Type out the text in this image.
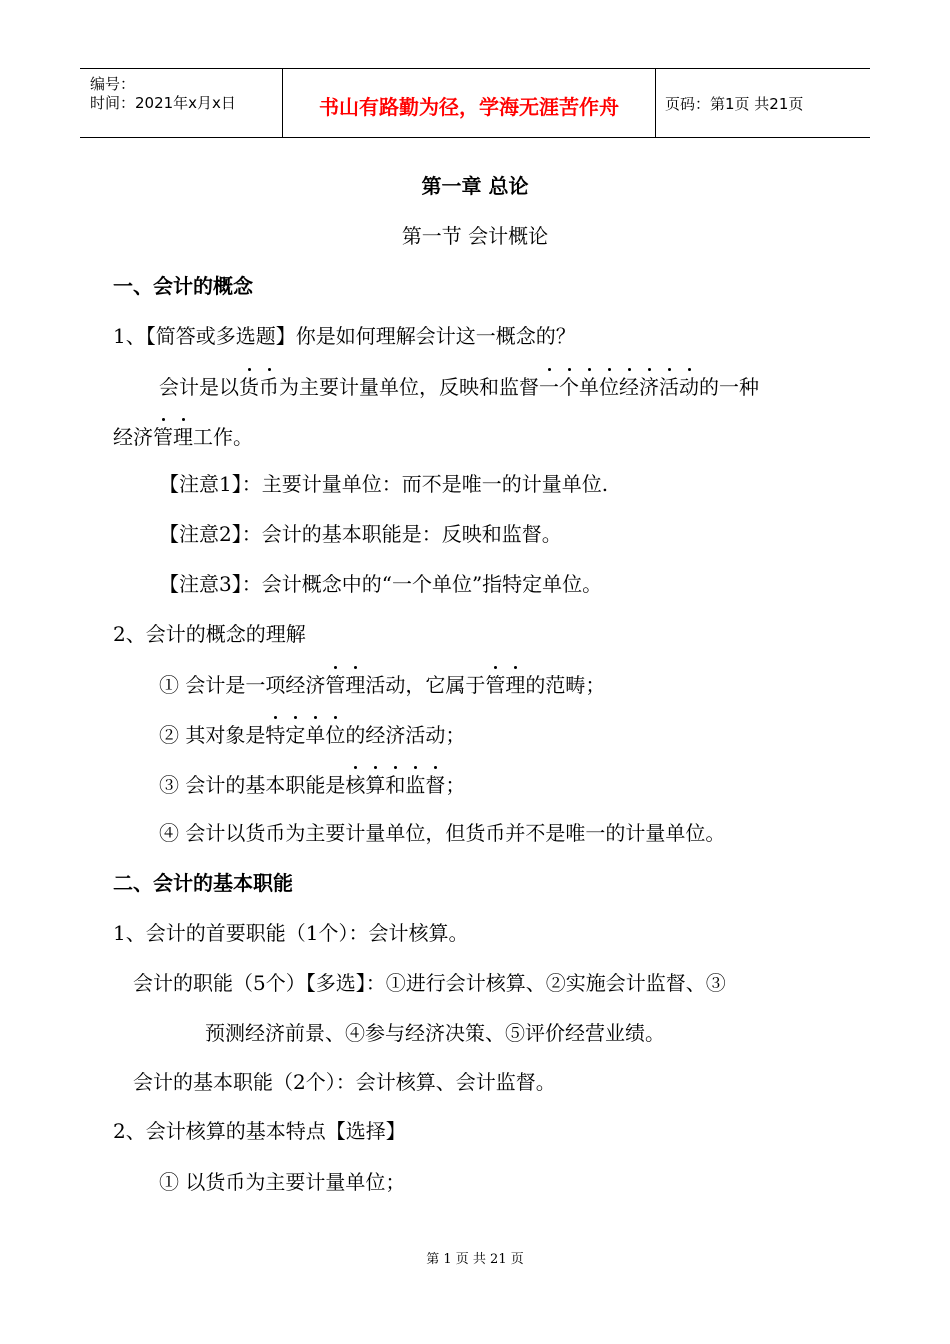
编号：
时间：2021年x月x日	书山有路勤为径，学海无涯苦作舟	页码：第1页 共21页
第一章 总论
第一节 会计概论
一、会计的概念
1、【简答或多选题】你是如何理解会计这一概念的？
会计是以货币为主要计量单位，反映和监督一个单位经济活动的一种
经济管理工作。
【注意1】：主要计量单位：而不是唯一的计量单位.
【注意2】：会计的基本职能是：反映和监督。
【注意3】：会计概念中的“一个单位”指特定单位。
2、会计的概念的理解
① 会计是一项经济管理活动，它属于管理的范畴；
② 其对象是特定单位的经济活动；
③ 会计的基本职能是核算和监督；
④ 会计以货币为主要计量单位，但货币并不是唯一的计量单位。
二、会计的基本职能
1、会计的首要职能（1个）：会计核算。
会计的职能（5个）【多选】：①进行会计核算、②实施会计监督、③
预测经济前景、④参与经济决策、⑤评价经营业绩。
会计的基本职能（2个）：会计核算、会计监督。
2、会计核算的基本特点【选择】
① 以货币为主要计量单位；
第 1 页 共 21 页
